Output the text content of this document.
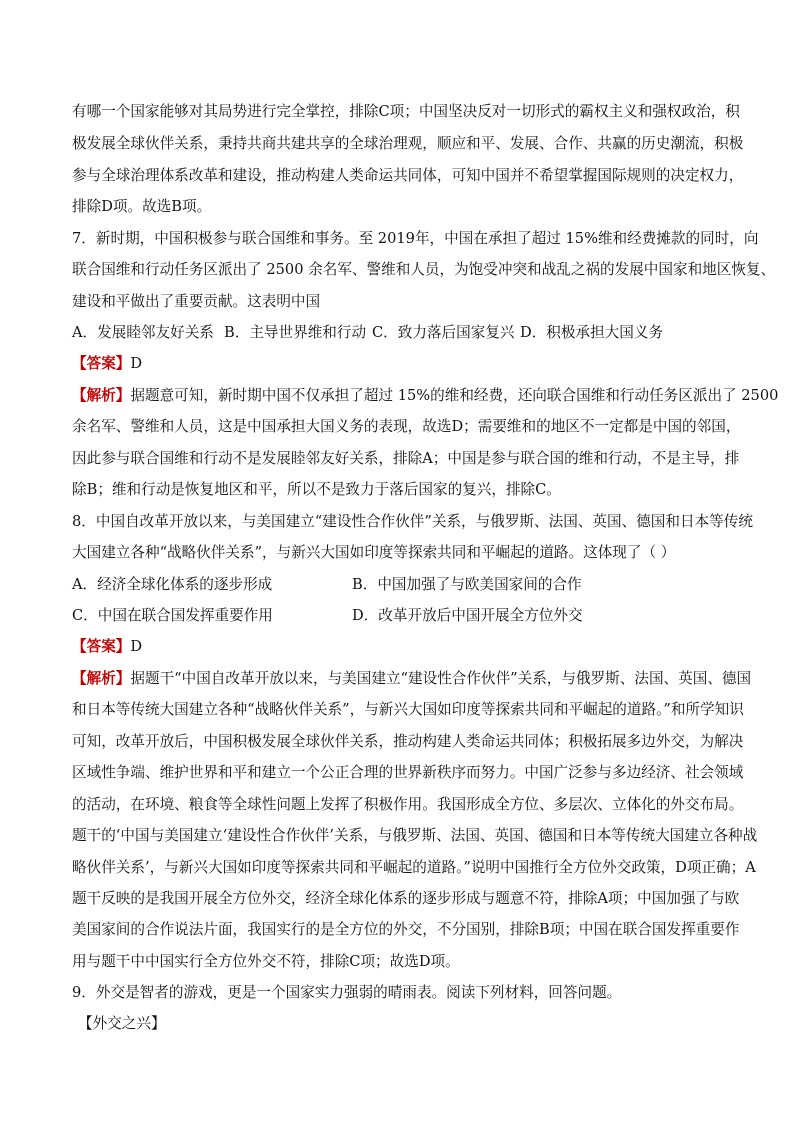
有哪一个国家能够对其局势进行完全掌控，排除C项；中国坚决反对一切形式的霸权主义和强权政治，积
极发展全球伙伴关系，秉持共商共建共享的全球治理观，顺应和平、发展、合作、共赢的历史潮流，积极
参与全球治理体系改革和建设，推动构建人类命运共同体，可知中国并不希望掌握国际规则的决定权力，
排除D项。故选B项。
7．新时期，中国积极参与联合国维和事务。至 2019年，中国在承担了超过 15%维和经费摊款的同时，向
联合国维和行动任务区派出了 2500 余名军、警维和人员，为饱受冲突和战乱之祸的发展中国家和地区恢复、
建设和平做出了重要贡献。这表明中国
A．发展睦邻友好关系 B．主导世界维和行动 C．致力落后国家复兴 D．积极承担大国义务
【答案】D
【解析】据题意可知，新时期中国不仅承担了超过 15%的维和经费，还向联合国维和行动任务区派出了 2500
余名军、警维和人员，这是中国承担大国义务的表现，故选D；需要维和的地区不一定都是中国的邻国，
因此参与联合国维和行动不是发展睦邻友好关系，排除A；中国是参与联合国的维和行动，不是主导，排
除B；维和行动是恢复地区和平，所以不是致力于落后国家的复兴，排除C。
8．中国自改革开放以来，与美国建立“建设性合作伙伴”关系，与俄罗斯、法国、英国、德国和日本等传统
大国建立各种“战略伙伴关系”，与新兴大国如印度等探索共同和平崛起的道路。这体现了（ ）
A．经济全球化体系的逐步形成	B．中国加强了与欧美国家间的合作
C．中国在联合国发挥重要作用	D．改革开放后中国开展全方位外交
【答案】D
【解析】据题干“中国自改革开放以来，与美国建立“建设性合作伙伴”关系，与俄罗斯、法国、英国、德国
和日本等传统大国建立各种“战略伙伴关系”，与新兴大国如印度等探索共同和平崛起的道路。”和所学知识
可知，改革开放后，中国积极发展全球伙伴关系，推动构建人类命运共同体；积极拓展多边外交，为解决
区域性争端、维护世界和平和建立一个公正合理的世界新秩序而努力。中国广泛参与多边经济、社会领域
的活动，在环境、粮食等全球性问题上发挥了积极作用。我国形成全方位、多层次、立体化的外交布局。
题干的‘中国与美国建立‘建设性合作伙伴’关系，与俄罗斯、法国、英国、德国和日本等传统大国建立各种战
略伙伴关系’，与新兴大国如印度等探索共同和平崛起的道路。”说明中国推行全方位外交政策，D项正确；A
题干反映的是我国开展全方位外交，经济全球化体系的逐步形成与题意不符，排除A项；中国加强了与欧
美国家间的合作说法片面，我国实行的是全方位的外交，不分国别，排除B项；中国在联合国发挥重要作
用与题干中中国实行全方位外交不符，排除C项；故选D项。
9．外交是智者的游戏，更是一个国家实力强弱的晴雨表。阅读下列材料，回答问题。
【外交之兴】
